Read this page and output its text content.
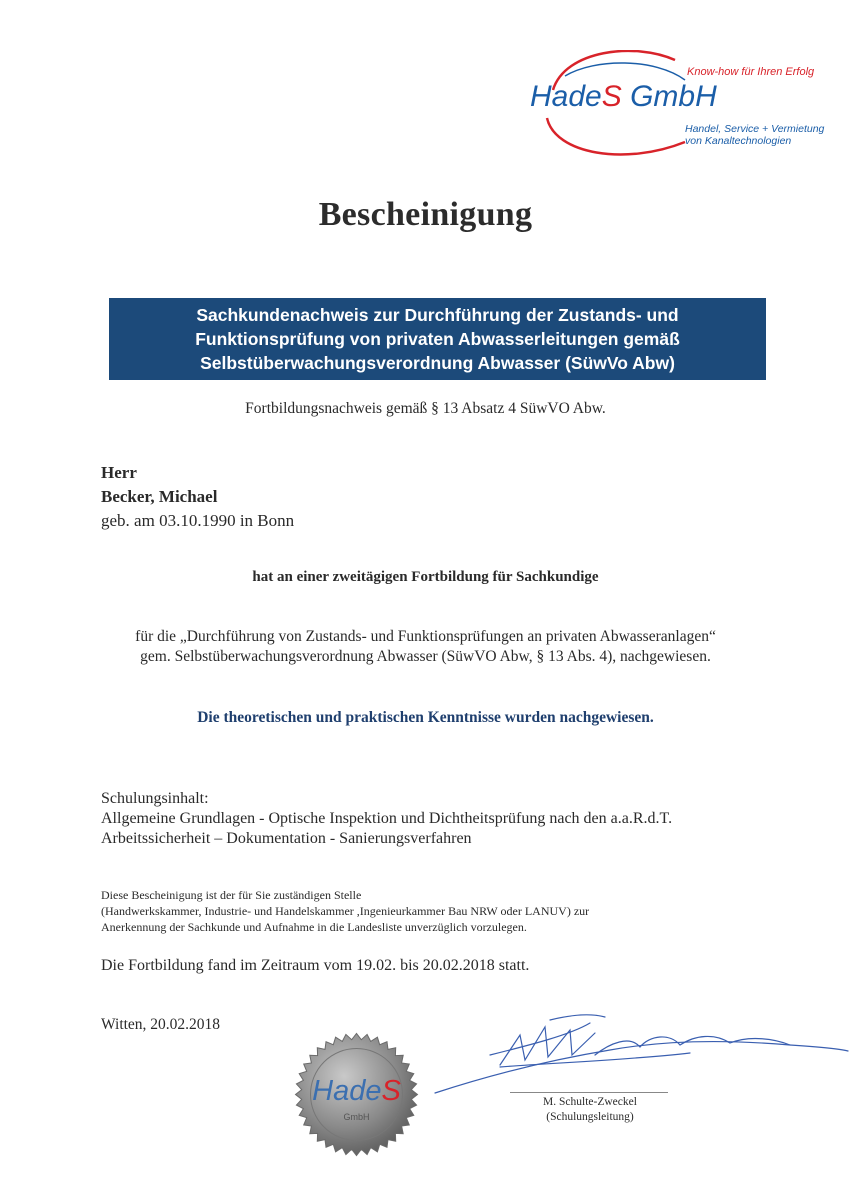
Know-how für Ihren Erfolg
HadeS GmbH
Handel, Service + Vermietung
von Kanaltechnologien
Bescheinigung
Sachkundenachweis zur Durchführung der Zustands- und
Funktionsprüfung von privaten Abwasserleitungen gemäß
Selbstüberwachungsverordnung Abwasser (SüwVo Abw)
Fortbildungsnachweis gemäß § 13 Absatz 4 SüwVO Abw.
Herr
Becker, Michael
geb. am 03.10.1990 in Bonn
hat an einer zweitägigen Fortbildung für Sachkundige
für die „Durchführung von Zustands- und Funktionsprüfungen an privaten Abwasseranlagen“
gem. Selbstüberwachungsverordnung Abwasser (SüwVO Abw, § 13 Abs. 4), nachgewiesen.
Die theoretischen und praktischen Kenntnisse wurden nachgewiesen.
Schulungsinhalt:
Allgemeine Grundlagen - Optische Inspektion und Dichtheitsprüfung nach den a.a.R.d.T.
Arbeitssicherheit – Dokumentation - Sanierungsverfahren
Diese Bescheinigung ist der für Sie zuständigen Stelle
(Handwerkskammer, Industrie- und Handelskammer ,Ingenieurkammer Bau NRW oder LANUV) zur
Anerkennung der Sachkunde und Aufnahme in die Landesliste unverzüglich vorzulegen.
Die Fortbildung fand im Zeitraum vom 19.02. bis 20.02.2018 statt.
Witten, 20.02.2018
HadeS
GmbH
M. Schulte-Zweckel
(Schulungsleitung)
